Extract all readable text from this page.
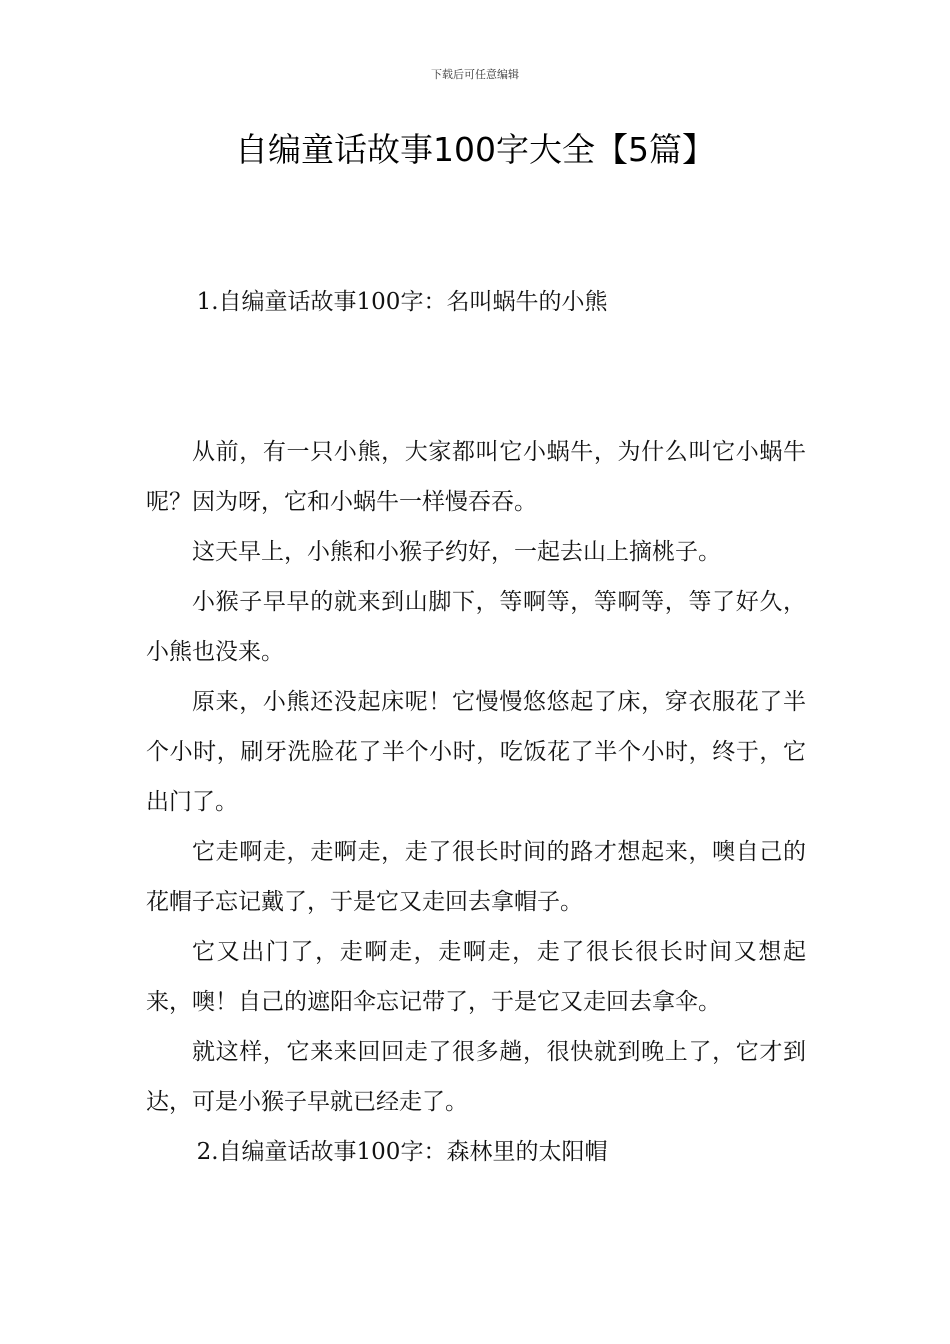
下载后可任意编辑
自编童话故事100字大全【5篇】

1.自编童话故事100字：名叫蜗牛的小熊

从前，有一只小熊，大家都叫它小蜗牛，为什么叫它小蜗牛呢？因为呀，它和小蜗牛一样慢吞吞。

这天早上，小熊和小猴子约好，一起去山上摘桃子。

小猴子早早的就来到山脚下，等啊等，等啊等，等了好久，小熊也没来。

原来，小熊还没起床呢！它慢慢悠悠起了床，穿衣服花了半个小时，刷牙洗脸花了半个小时，吃饭花了半个小时，终于，它出门了。

它走啊走，走啊走，走了很长时间的路才想起来，噢自己的花帽子忘记戴了，于是它又走回去拿帽子。

它又出门了，走啊走，走啊走，走了很长很长时间又想起来，噢！自己的遮阳伞忘记带了，于是它又走回去拿伞。

就这样，它来来回回走了很多趟，很快就到晚上了，它才到达，可是小猴子早就已经走了。

2.自编童话故事100字：森林里的太阳帽
